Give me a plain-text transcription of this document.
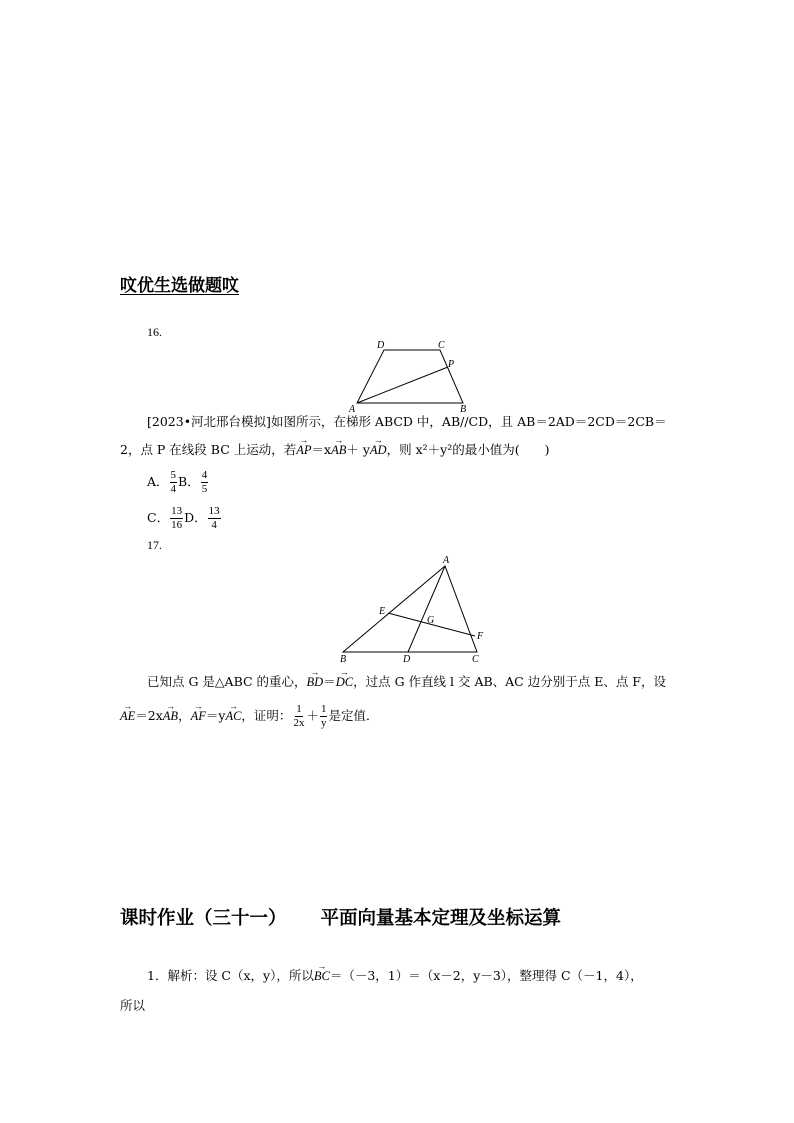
呅优生选做题呅
16.
D	C
P
A	B
[2023•河北邢台模拟]如图所示，在梯形 ABCD 中，AB∕∕CD，且 AB＝2AD＝2CD＝2CB＝
2，点 P 在线段 BC 上运动，若→ AP＝x→ AB＋ y→ AD，则 x²＋y²的最小值为(　　)
A． $\frac{5}{4}$ B． $\frac{4}{5}$
C． $\frac{13}{16}$ D． $\frac{13}{4}$
17.
A
E
G
F
B	D	C
已知点 G 是△ABC 的重心，→ BD＝→ DC，过点 G 作直线 l 交 AB、AC 边分别于点 E、点 F，设
→ AE＝2x→ AB，→ AF＝y→ AC，证明： $\frac{1}{2x} + \frac{1}{y}$ 是定值．
课时作业（三十一） 平面向量基本定理及坐标运算
1．解析：设 C（x，y），所以→ BC＝（－3，1）＝（x－2，y－3），整理得 C（－1，4），
所以
